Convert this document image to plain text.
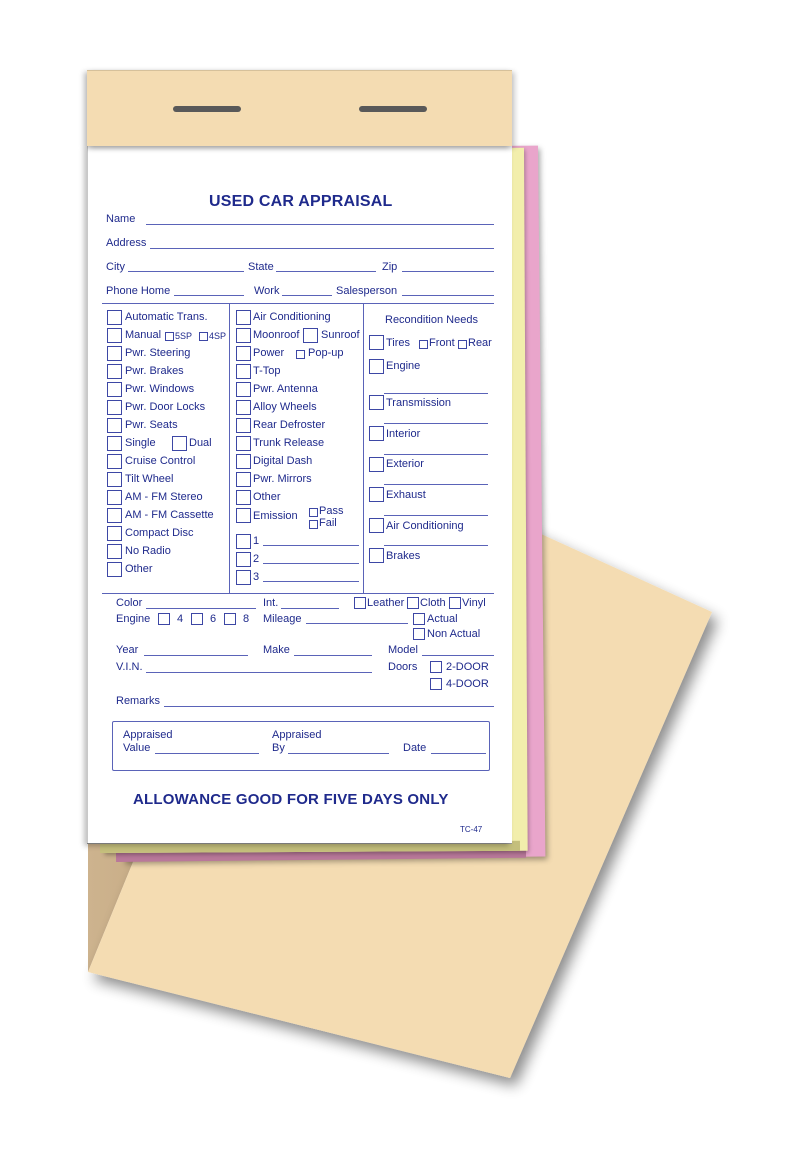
USED CAR APPRAISAL
Name
Address
City	State	Zip
Phone Home	Work	Salesperson
Automatic Trans.
Manual 5SP 4SP
Pwr. Steering
Pwr. Brakes
Pwr. Windows
Pwr. Door Locks
Pwr. Seats
Single	Dual
Cruise Control
Tilt Wheel
AM - FM Stereo
AM - FM Cassette
Compact Disc
No Radio
Other
Air Conditioning
Moonroof Sunroof
Power Pop-up
T-Top
Pwr. Antenna
Alloy Wheels
Rear Defroster
Trunk Release
Digital Dash
Pwr. Mirrors
Other
Emission Pass
Fail
1
2
3
Recondition Needs
Tires Front Rear
Engine
Transmission
Interior
Exterior
Exhaust
Air Conditioning
Brakes
Color	Int.	Leather Cloth Vinyl
Engine 4 6 8 Mileage	Actual
Non Actual
Year	Make	Model
V.I.N.	Doors	2-DOOR
4-DOOR
Remarks
Appraised
Value
Appraised
By	Date
ALLOWANCE GOOD FOR FIVE DAYS ONLY
TC-47
